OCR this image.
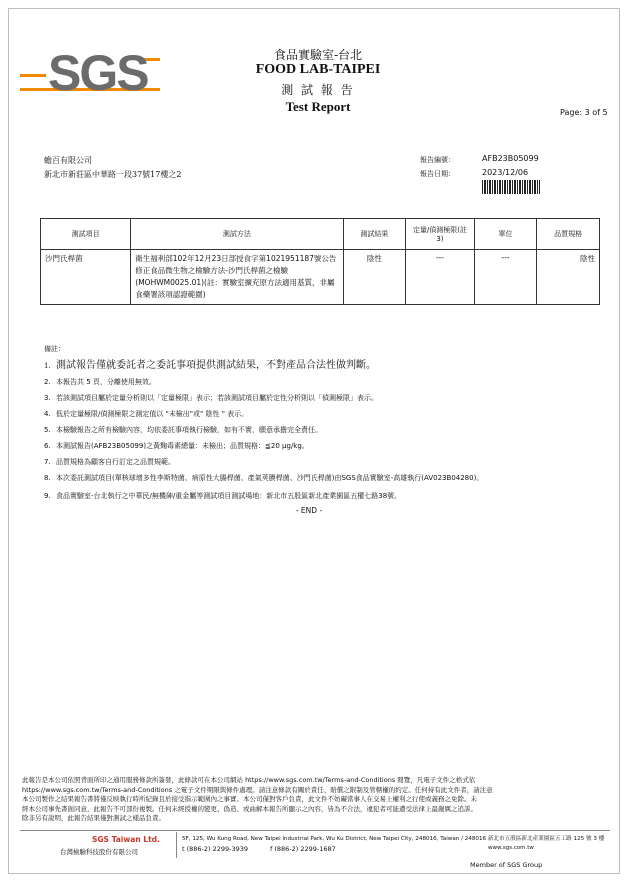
SGS	食品實驗室-台北
FOOD LAB-TAIPEI
測 試 報 告
Test Report	Page: 3 of 5
蟾百有限公司
新北市新莊區中華路一段37號17樓之2
報告編號：	AFB23B05099
報告日期：	2023/12/06
測試項目	測試方法	測試結果	定量/偵測極限(註3)	單位	品質規格
沙門氏桿菌	衛生福利部102年12月23日部授食字第1021951187號公告修正食品微生物之檢驗方法-沙門氏桿菌之檢驗(MOHWM0025.01)(註：實驗室擴充原方法適用基質，非屬食藥署該項認證範圍)	陰性	---	---	陰性
備註：
1. 測試報告僅就委託者之委託事項提供測試結果，不對產品合法性做判斷。
2. 本報告共 5 頁，分離使用無效。
3. 若該測試項目屬於定量分析則以「定量極限」表示；若該測試項目屬於定性分析則以「偵測極限」表示。
4. 低於定量極限/偵測極限之測定值以 "未檢出"或" 陰性 " 表示。
5. 本檢驗報告之所有檢驗內容，均依委託事項執行檢驗，如有不實，願意承擔完全責任。
6. 本測試報告(AFB23B05099)之黃麴毒素總量：未檢出；品質規格：≦20 μg/kg。
7. 品質規格為顧客自行訂定之品質規範。
8. 本次委託測試項目(單核球增多性李斯特菌、病原性大腸桿菌、產氣莢膜桿菌、沙門氏桿菌)由SGS食品實驗室-高雄執行(AV023B04280)。
9. 食品實驗室-台北執行之中華民/無機砷/重金屬等測試項目測試場地：新北市五股區新北產業園區五權七路38號。
- END -
此報告是本公司依照背面所印之通用服務條款所簽發，此條款可在本公司網站 https://www.sgs.com.tw/Terms-and-Conditions 閱覽，凡電子文件之格式依
https://www.sgs.com.tw/Terms-and-Conditions 之電子文件期限與條件處理。請注意條款有關於責任、賠償之限制及管轄權的約定。任何持有此文件者，請注意
本公司製作之結果報告書將僅反映執行時所紀錄且於接受指示範圍內之事實。本公司僅對客戶負責，此文件不妨礙當事人在交易上權利之行使或義務之免除。未
經本公司事先書面同意，此報告不可部份複製。任何未經授權的變更、偽造、或曲解本報告所顯示之內容，皆為不合法，違犯者可能遭受法律上最嚴厲之追訴。
除非另有說明，此報告結果僅對測試之樣品負責。
SGS Taiwan Ltd.
台灣檢驗科技股份有限公司
5F, 125, Wu Kung Road, New Taipei Industrial Park, Wu Ku District, New Taipei City, 248016, Taiwan / 248016 新北市五股區新北產業園區五工路 125 號 3 樓
t (886-2) 2299-3939	f (886-2) 2299-1687	www.sgs.com.tw
Member of SGS Group
